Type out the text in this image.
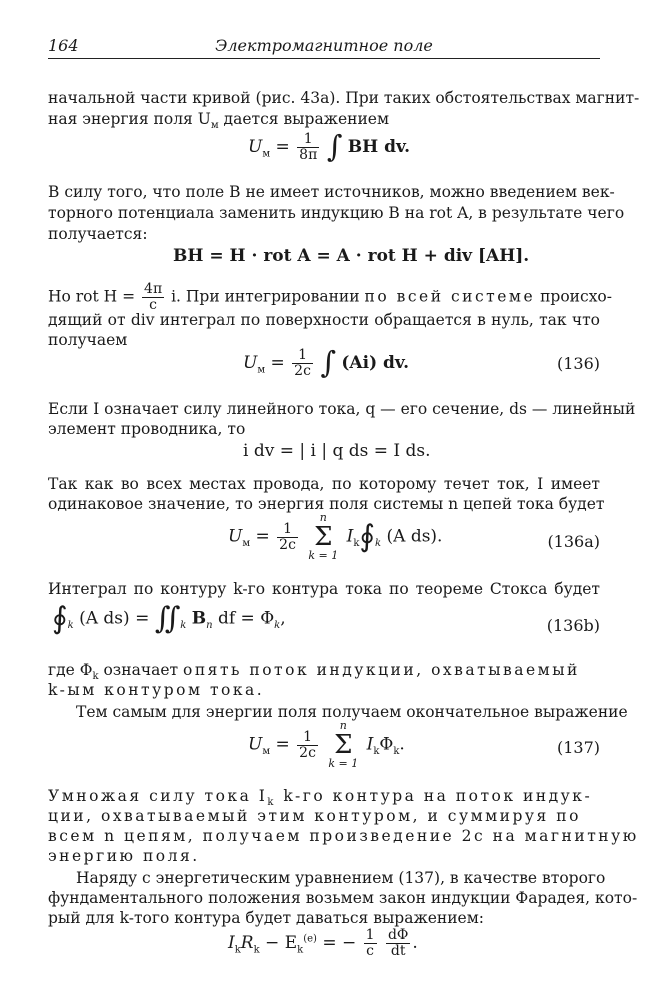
164	Электромагнитное поле
начальной части кривой (рис. 43а). При таких обстоятельствах магнит-
ная энергия поля $U_м$ дается выражением
$U_м = \frac{1}{8\pi}$ ∫ BH dv.
В силу того, что поле B не имеет источников, можно введением век-
торного потенциала заменить индукцию B на rot A, в результате чего
получается:
BH = H · rot A = A · rot H + div [AH].
Но rot $H = \frac{4\pi}{c} i$. При интегрировании по всей системе происхо-
дящий от div интеграл по поверхности обращается в нуль, так что
получаем
$U_м = \frac{1}{2c}$ ∫ (Ai) dv.	(136)
Если I означает силу линейного тока, q — его сечение, ds — линейный
элемент проводника, то
i dv = | i | q ds = I ds.
Так как во всех местах провода, по которому течет ток, I имеет
одинаковое значение, то энергия поля системы n цепей тока будет
$U_м = \frac{1}{2c}$

n
Σ
k = 1
$I_k∮_k$ (A ds).	(136a)
Интеграл по контуру k-го контура тока по теореме Стокса будет
$∮_k$ (A $ds) = ∬_k$ $B_n$ df = $\Phi_k$,	(136b)
где $\Phi_k$ означает опять поток индукции, охватываемый
k-ым контуром тока.
Тем самым для энергии поля получаем окончательное выражение
$U_м = \frac{1}{2c}$

n
Σ
k = 1
$I_k\Phi_k$.	(137)
Умножая силу тока $I_k$ k-го контура на поток индук-
ции, охватываемый этим контуром, и суммируя по
всем n цепям, получаем произведение 2c на магнитную
энергию поля.
Наряду с энергетическим уравнением (137), в качестве второго
фундаментального положения возьмем закон индукции Фарадея, кото-
рый для k-того контура будет даваться выражением:
$I_kR_k - E_k^{(e)}$ = − $\frac{1}{c}$
$\frac{d\Phi}{dt}$ .
